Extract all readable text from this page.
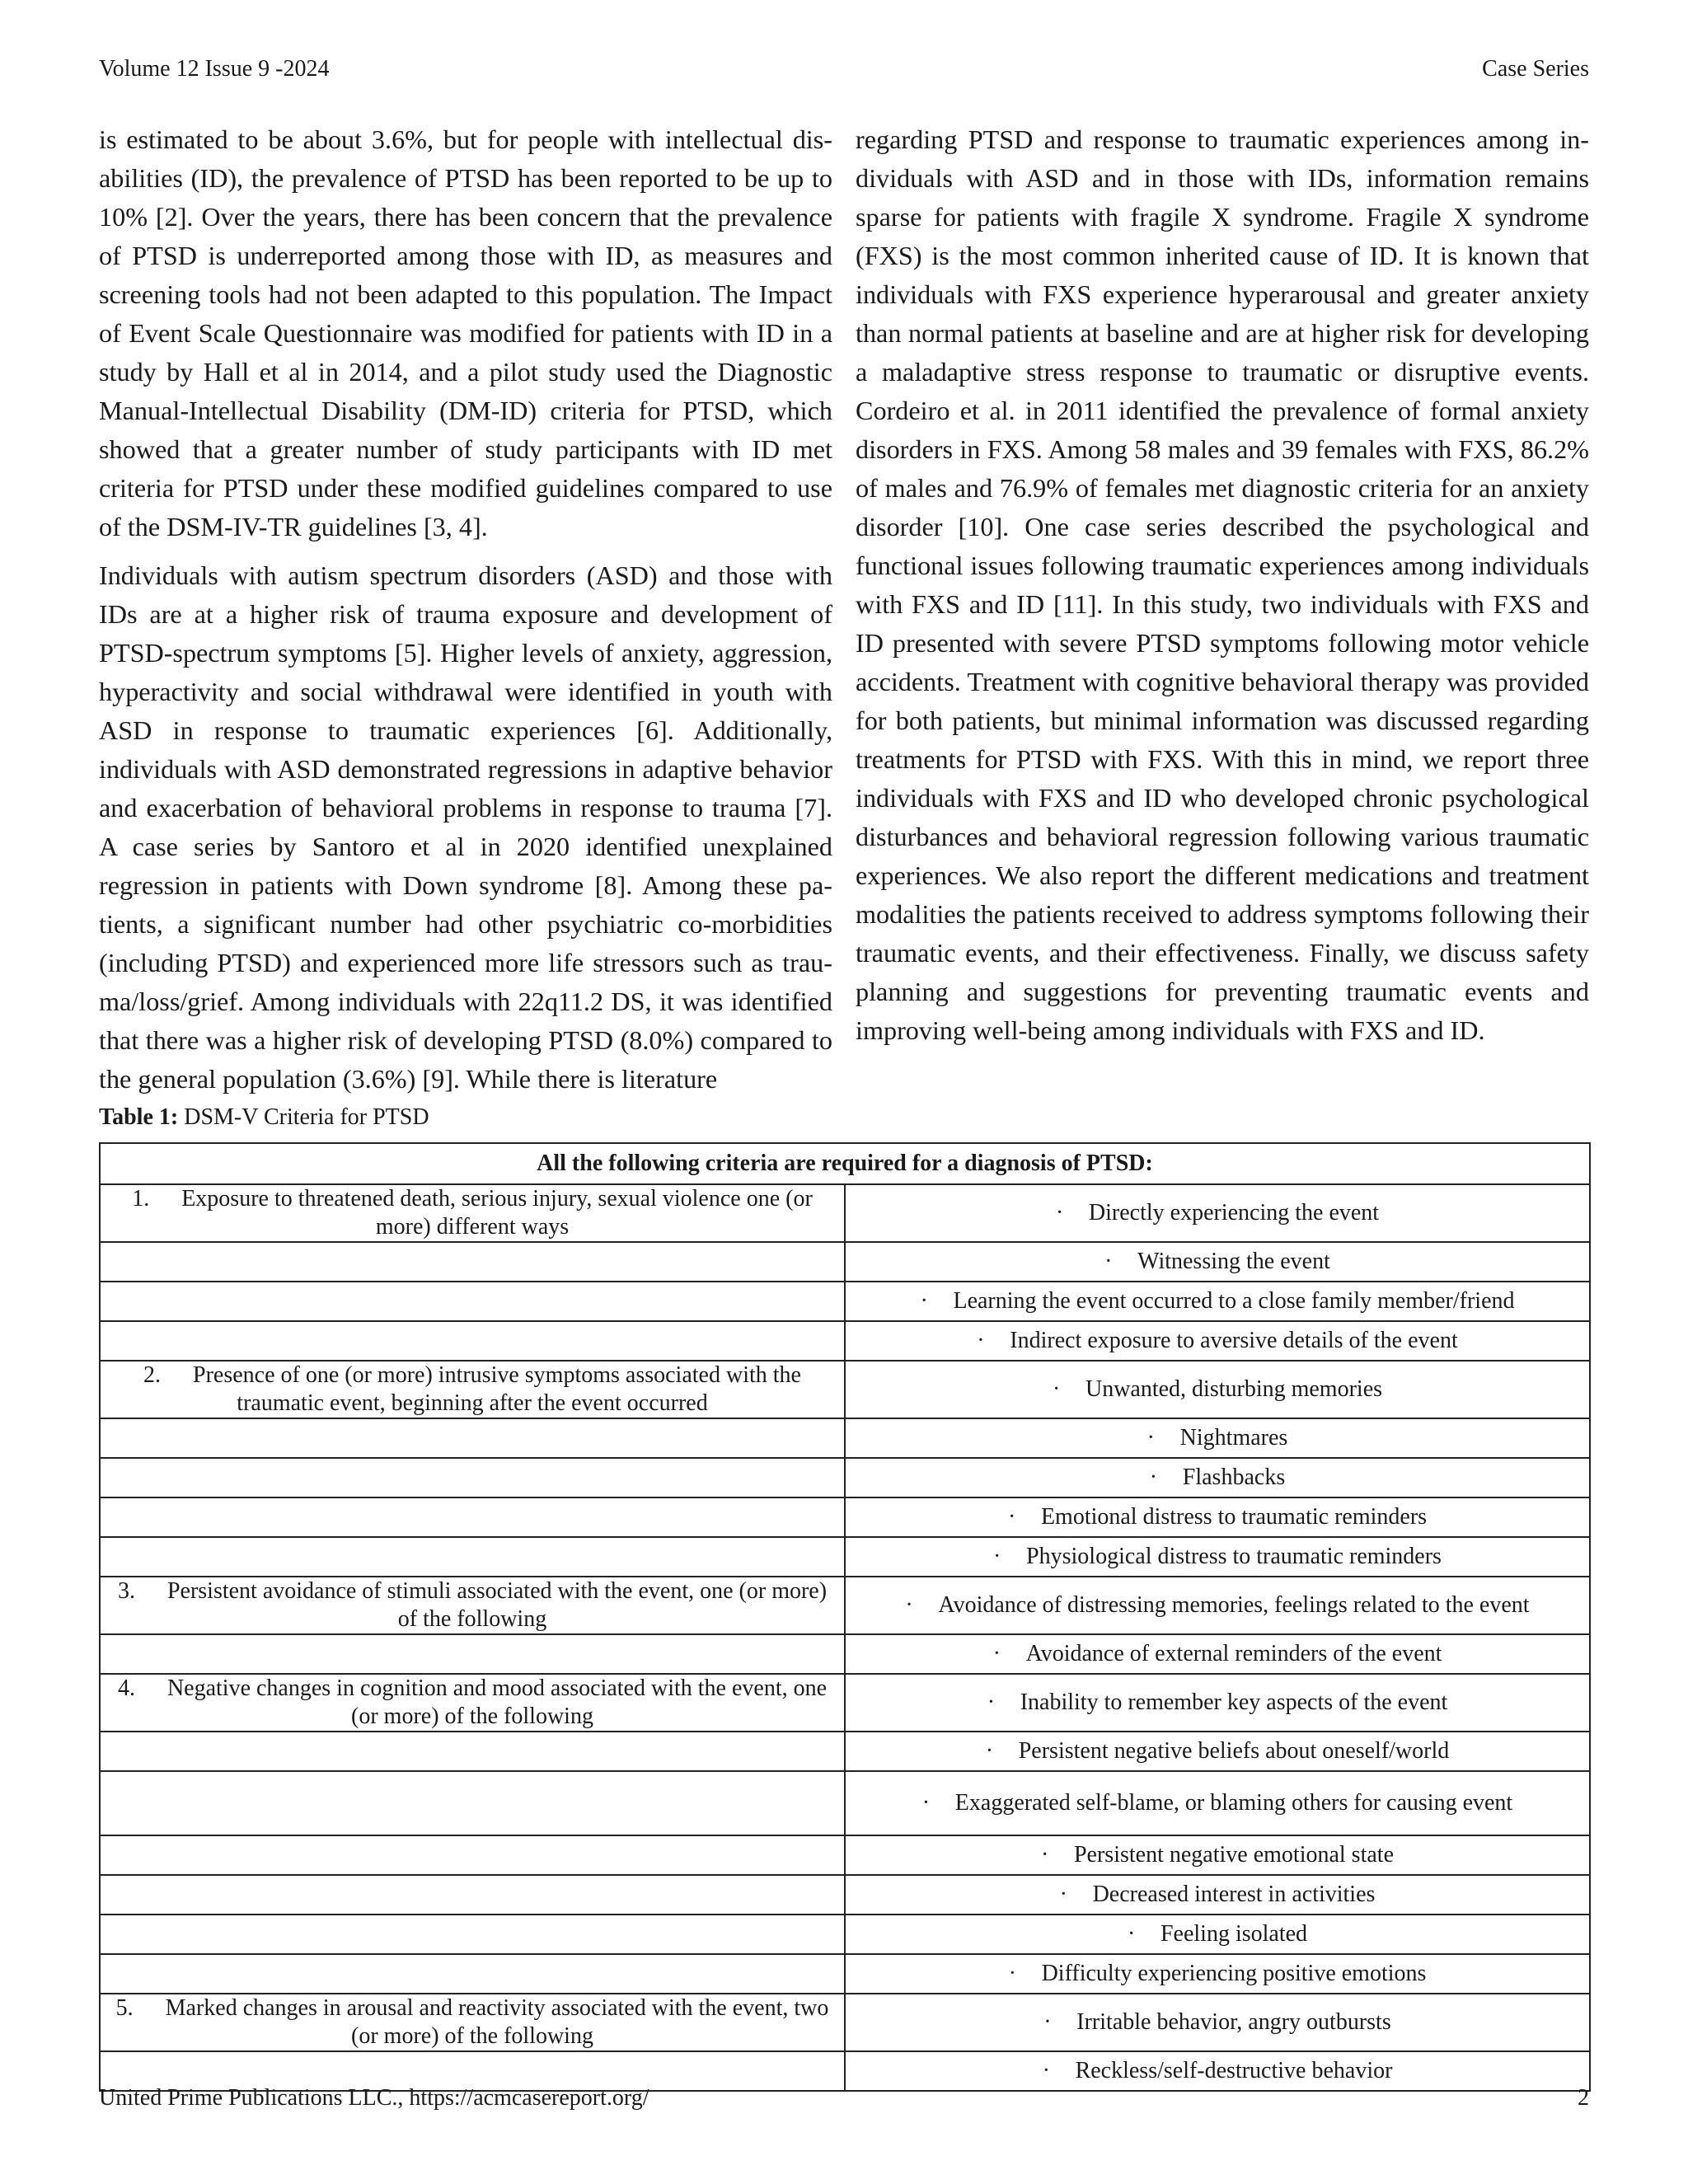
Volume 12 Issue 9 -2024	Case Series

is estimated to be about 3.6%, but for people with intellectual disabilities (ID), the prevalence of PTSD has been reported to be up to 10% [2]. Over the years, there has been concern that the prevalence of PTSD is underreported among those with ID, as measures and screening tools had not been adapted to this population. The Impact of Event Scale Questionnaire was modified for patients with ID in a study by Hall et al in 2014, and a pilot study used the Diagnostic Manual-Intellectual Disability (DM-ID) criteria for PTSD, which showed that a greater number of study participants with ID met criteria for PTSD under these modified guidelines compared to use of the DSM-IV-TR guidelines [3, 4].

Individuals with autism spectrum disorders (ASD) and those with IDs are at a higher risk of trauma exposure and development of PTSD-spectrum symptoms [5]. Higher levels of anxiety, aggression, hyperactivity and social withdrawal were identified in youth with ASD in response to traumatic experiences [6]. Additionally, individuals with ASD demonstrated regressions in adaptive behavior and exacerbation of behavioral problems in response to trauma [7]. A case series by Santoro et al in 2020 identified unexplained regression in patients with Down syndrome [8]. Among these patients, a significant number had other psychiatric co-morbidities (including PTSD) and experienced more life stressors such as trauma/loss/grief. Among individuals with 22q11.2 DS, it was identified that there was a higher risk of developing PTSD (8.0%) compared to the general population (3.6%) [9]. While there is literature

regarding PTSD and response to traumatic experiences among individuals with ASD and in those with IDs, information remains sparse for patients with fragile X syndrome. Fragile X syndrome (FXS) is the most common inherited cause of ID. It is known that individuals with FXS experience hyperarousal and greater anxiety than normal patients at baseline and are at higher risk for developing a maladaptive stress response to traumatic or disruptive events. Cordeiro et al. in 2011 identified the prevalence of formal anxiety disorders in FXS. Among 58 males and 39 females with FXS, 86.2% of males and 76.9% of females met diagnostic criteria for an anxiety disorder [10]. One case series described the psychological and functional issues following traumatic experiences among individuals with FXS and ID [11]. In this study, two individuals with FXS and ID presented with severe PTSD symptoms following motor vehicle accidents. Treatment with cognitive behavioral therapy was provided for both patients, but minimal information was discussed regarding treatments for PTSD with FXS. With this in mind, we report three individuals with FXS and ID who developed chronic psychological disturbances and behavioral regression following various traumatic experiences. We also report the different medications and treatment modalities the patients received to address symptoms following their traumatic events, and their effectiveness. Finally, we discuss safety planning and suggestions for preventing traumatic events and improving well-being among individuals with FXS and ID.

Table 1: DSM-V Criteria for PTSD
All the following criteria are required for a diagnosis of PTSD:	
1. Exposure to threatened death, serious injury, sexual violence one (or more) different ways	· Directly experiencing the event
	· Witnessing the event
	· Learning the event occurred to a close family member/friend
	· Indirect exposure to aversive details of the event
2. Presence of one (or more) intrusive symptoms associated with the traumatic event, beginning after the event occurred	· Unwanted, disturbing memories
	· Nightmares
	· Flashbacks
	· Emotional distress to traumatic reminders
	· Physiological distress to traumatic reminders
3. Persistent avoidance of stimuli associated with the event, one (or more) of the following	· Avoidance of distressing memories, feelings related to the event
	· Avoidance of external reminders of the event
4. Negative changes in cognition and mood associated with the event, one (or more) of the following	· Inability to remember key aspects of the event
	· Persistent negative beliefs about oneself/world
	· Exaggerated self-blame, or blaming others for causing event
	· Persistent negative emotional state
	· Decreased interest in activities
	· Feeling isolated
	· Difficulty experiencing positive emotions
5. Marked changes in arousal and reactivity associated with the event, two (or more) of the following	· Irritable behavior, angry outbursts
	· Reckless/self-destructive behavior
United Prime Publications LLC., https://acmcasereport.org/	2
